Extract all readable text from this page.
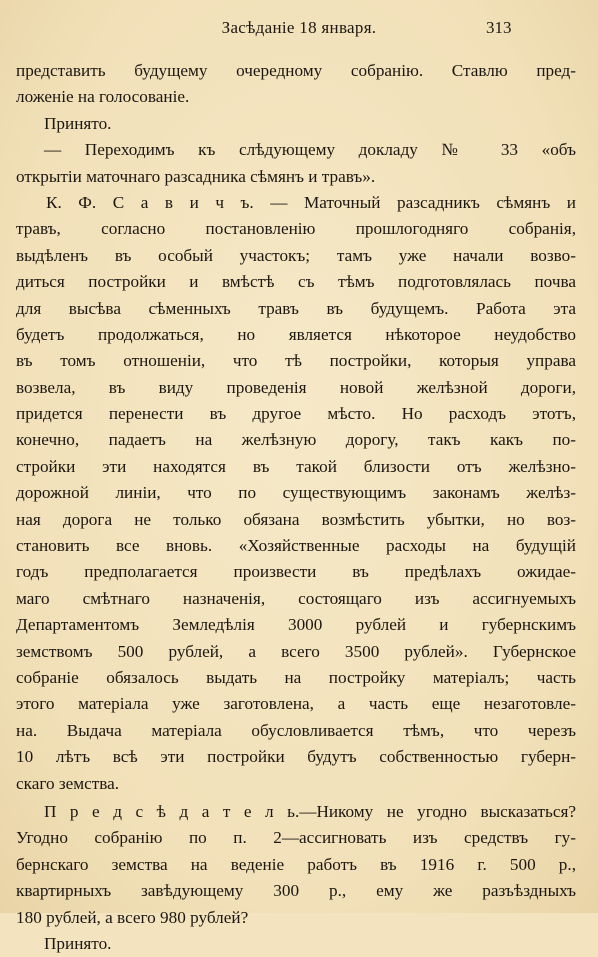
Засѣданіе 18 января.	313
представить будущему очередному собранію. Ставлю пред-
ложеніе на голосованіе.
Принято.
— Переходимъ къ слѣдующему докладу № 33 «объ
открытіи маточнаго разсадника сѣмянъ и травъ».
К. Ф. С а в и ч ъ. — Маточный разсадникъ сѣмянъ и
травъ, согласно постановленію прошлогодняго собранія,
выдѣленъ въ особый участокъ; тамъ уже начали возво-
диться постройки и вмѣстѣ съ тѣмъ подготовлялась почва
для высѣва сѣменныхъ травъ въ будущемъ. Работа эта
будетъ продолжаться, но является нѣкоторое неудобство
въ томъ отношеніи, что тѣ постройки, которыя управа
возвела, въ виду проведенія новой желѣзной дороги,
придется перенести въ другое мѣсто. Но расходъ этотъ,
конечно, падаетъ на желѣзную дорогу, такъ какъ по-
стройки эти находятся въ такой близости отъ желѣзно-
дорожной линіи, что по существующимъ законамъ желѣз-
ная дорога не только обязана возмѣстить убытки, но воз-
становить все вновь. «Хозяйственные расходы на будущій
годъ предполагается произвести въ предѣлахъ ожидае-
маго смѣтнаго назначенія, состоящаго изъ ассигнуемыхъ
Департаментомъ Земледѣлія 3000 рублей и губернскимъ
земствомъ 500 рублей, а всего 3500 рублей». Губернское
собраніе обязалось выдать на постройку матеріалъ; часть
этого матеріала уже заготовлена, а часть еще незаготовле-
на. Выдача матеріала обусловливается тѣмъ, что черезъ
10 лѣтъ всѣ эти постройки будутъ собственностью губерн-
скаго земства.
П р е д с ѣ д а т е л ь.—Никому не угодно высказаться?
Угодно собранію по п. 2—ассигновать изъ средствъ гу-
бернскаго земства на веденіе работъ въ 1916 г. 500 р.,
квартирныхъ завѣдующему 300 р., ему же разъѣздныхъ
180 рублей, а всего 980 рублей?
Принято.
